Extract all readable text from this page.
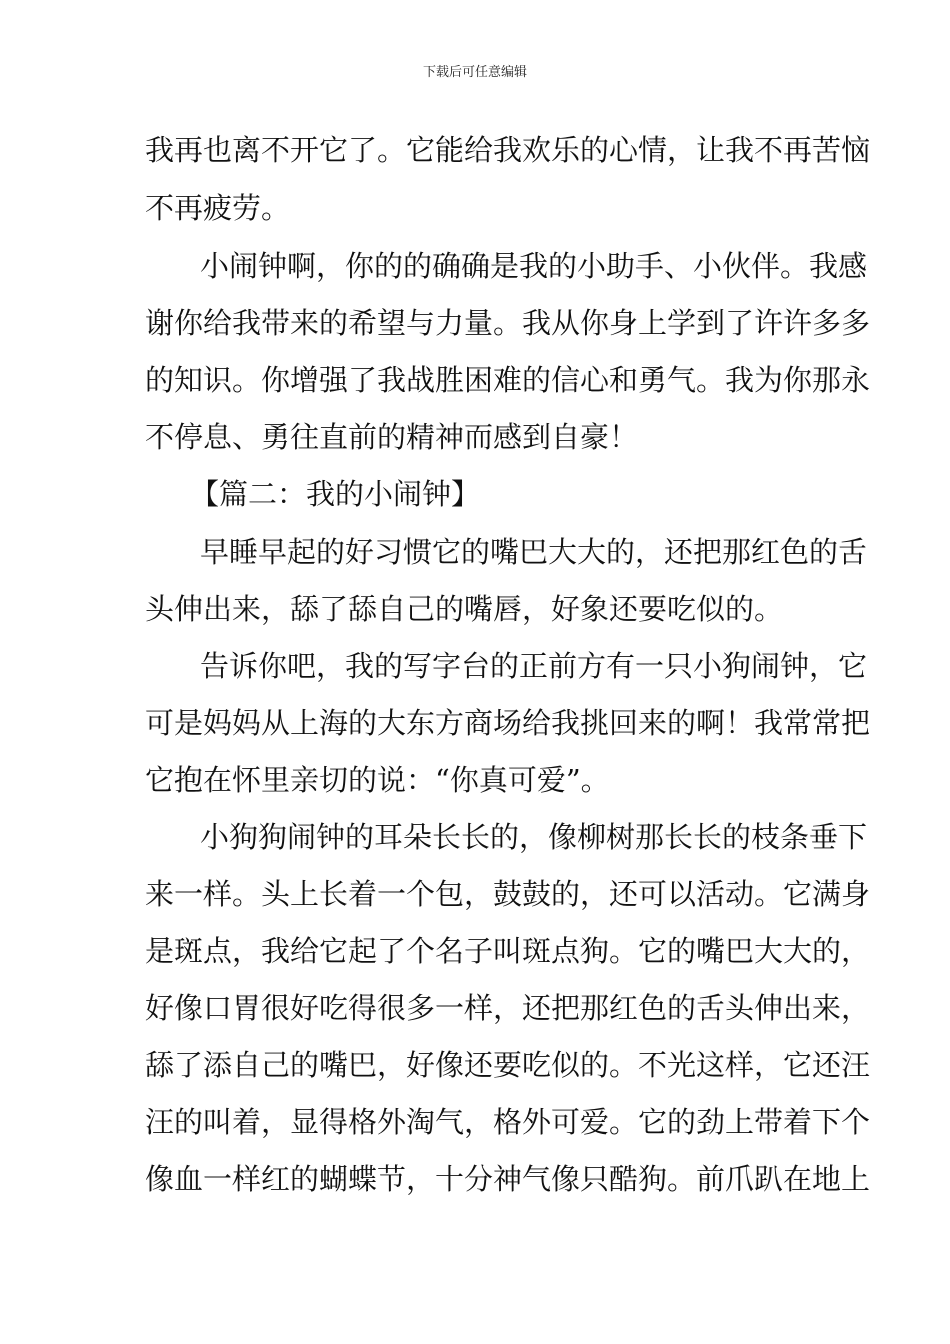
下载后可任意编辑
我再也离不开它了。它能给我欢乐的心情，让我不再苦恼
不再疲劳。
小闹钟啊，你的的确确是我的小助手、小伙伴。我感
谢你给我带来的希望与力量。我从你身上学到了许许多多
的知识。你增强了我战胜困难的信心和勇气。我为你那永
不停息、勇往直前的精神而感到自豪！
【篇二：我的小闹钟】
早睡早起的好习惯它的嘴巴大大的，还把那红色的舌
头伸出来，舔了舔自己的嘴唇，好象还要吃似的。
告诉你吧，我的写字台的正前方有一只小狗闹钟，它
可是妈妈从上海的大东方商场给我挑回来的啊！我常常把
它抱在怀里亲切的说：“你真可爱”。
小狗狗闹钟的耳朵长长的，像柳树那长长的枝条垂下
来一样。头上长着一个包，鼓鼓的，还可以活动。它满身
是斑点，我给它起了个名子叫斑点狗。它的嘴巴大大的，
好像口胃很好吃得很多一样，还把那红色的舌头伸出来，
舔了添自己的嘴巴，好像还要吃似的。不光这样，它还汪
汪的叫着，显得格外淘气，格外可爱。它的劲上带着下个
像血一样红的蝴蝶节，十分神气像只酷狗。前爪趴在地上
